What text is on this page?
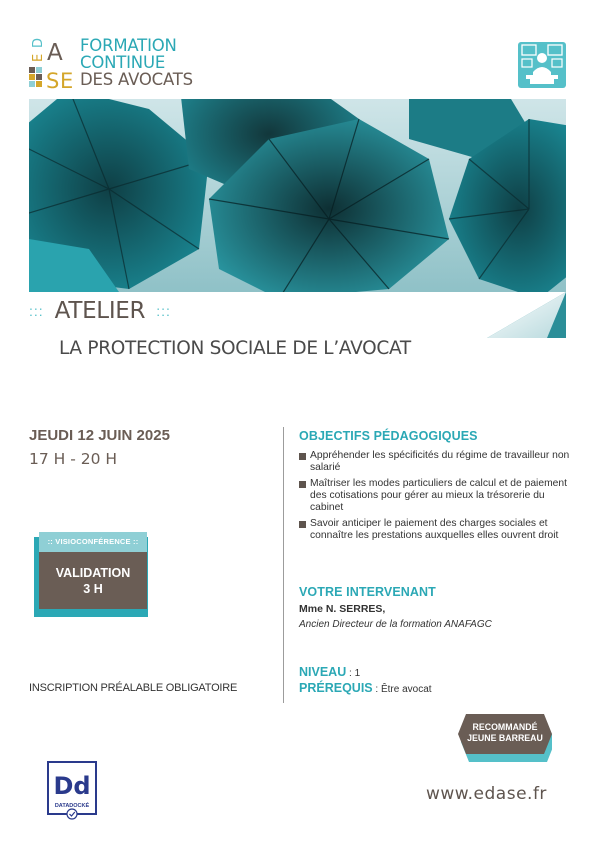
E
D A
S E
FORMATION
CONTINUE
DES AVOCATS
::: ATELIER :::
LA PROTECTION SOCIALE DE L’AVOCAT
JEUDI 12 JUIN 2025
17 H - 20 H
:: VISIOCONFÉRENCE ::
VALIDATION
3 H
INSCRIPTION PRÉALABLE OBLIGATOIRE
OBJECTIFS PÉDAGOGIQUES
Appréhender les spécificités du régime de travailleur non salarié
Maîtriser les modes particuliers de calcul et de paiement des cotisations pour gérer au mieux la trésorerie du cabinet
Savoir anticiper le paiement des charges sociales et connaître les prestations auxquelles elles ouvrent droit
VOTRE INTERVENANT
Mme N. SERRES,
Ancien Directeur de la formation ANAFAGC
NIVEAU : 1
PRÉREQUIS : Être avocat
RECOMMANDÉ
JEUNE BARREAU
Dd
DATADOCKÉ
www.edase.fr
